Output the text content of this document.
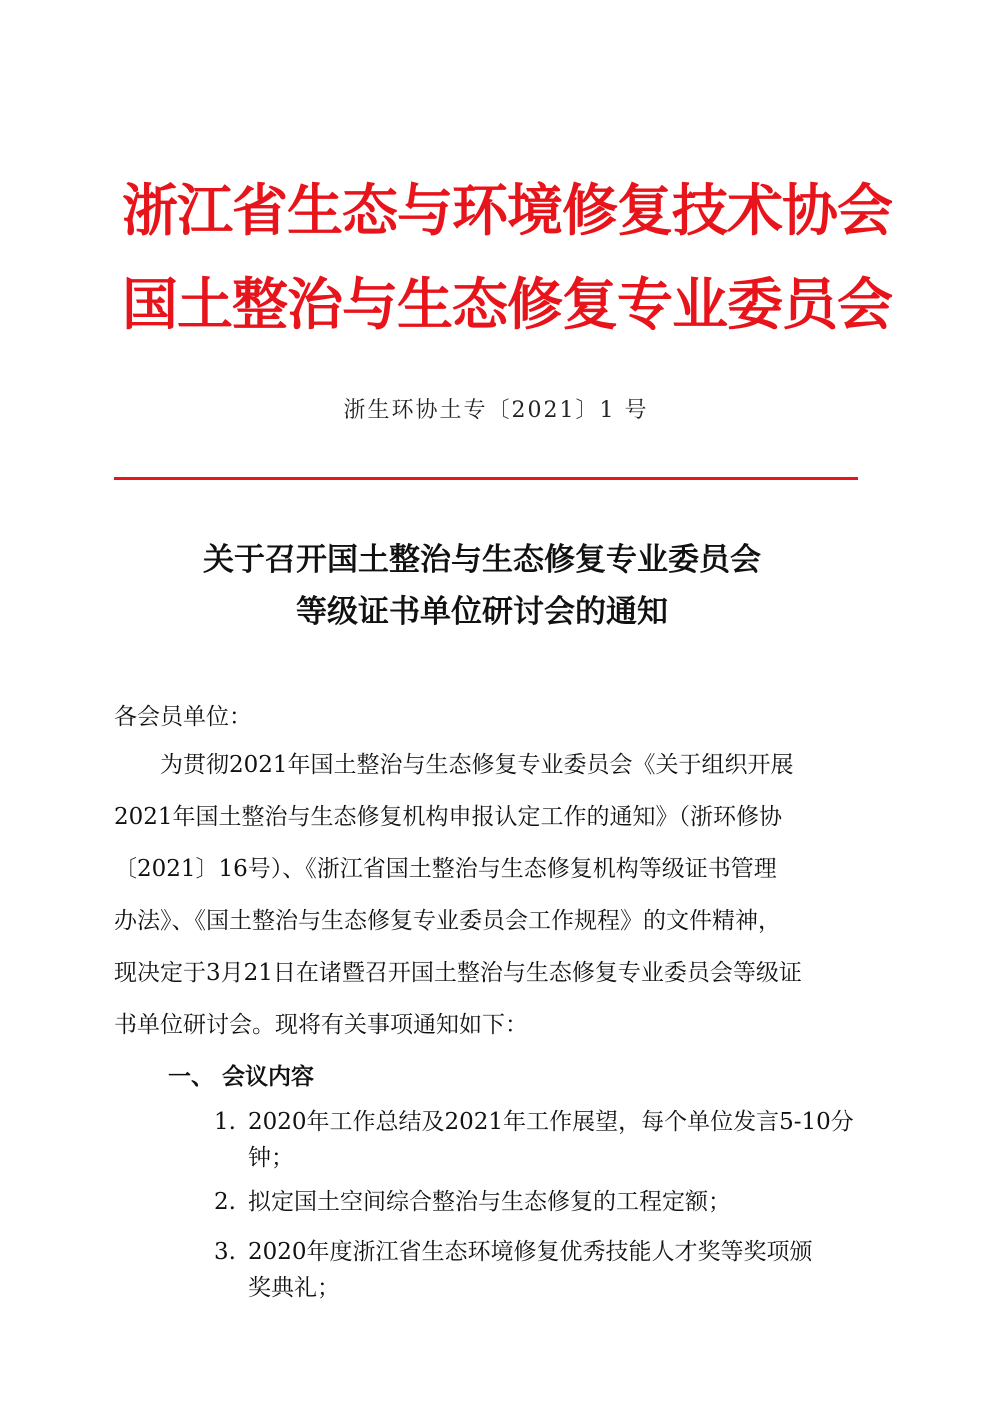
浙江省生态与环境修复技术协会
国土整治与生态修复专业委员会
浙生环协土专〔2021〕1 号
关于召开国土整治与生态修复专业委员会
等级证书单位研讨会的通知
各会员单位：
　　为贯彻2021年国土整治与生态修复专业委员会《关于组织开展
2021年国土整治与生态修复机构申报认定工作的通知》（浙环修协
〔2021〕16号）、《浙江省国土整治与生态修复机构等级证书管理
办法》、《国土整治与生态修复专业委员会工作规程》的文件精神，
现决定于3月21日在诸暨召开国土整治与生态修复专业委员会等级证
书单位研讨会。现将有关事项通知如下：
一、 会议内容
1. 2020年工作总结及2021年工作展望，每个单位发言5-10分
钟；
2. 拟定国土空间综合整治与生态修复的工程定额；
3. 2020年度浙江省生态环境修复优秀技能人才奖等奖项颁
奖典礼；
